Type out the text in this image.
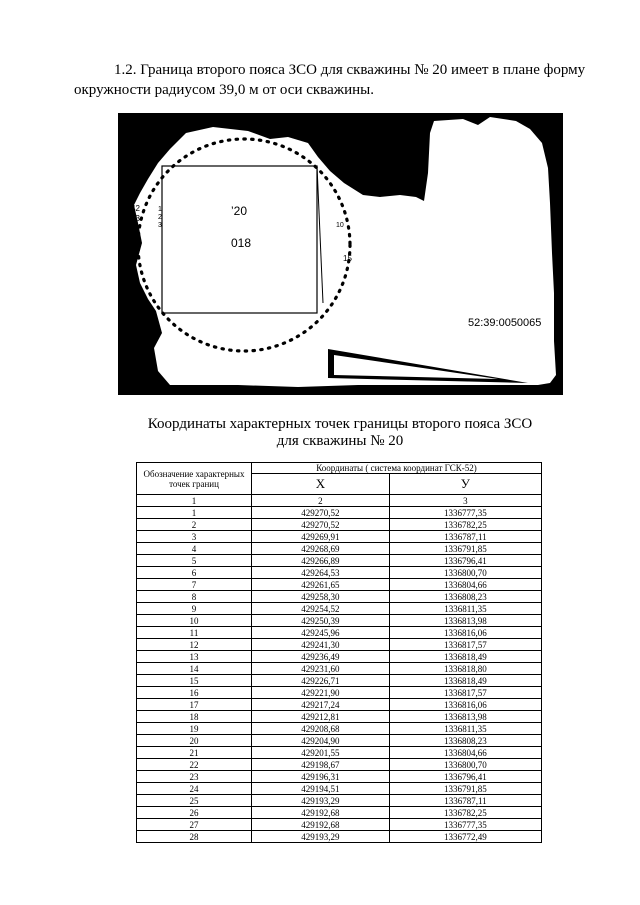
1.2. Граница второго пояса ЗСО для скважины № 20 имеет в плане форму окружности радиусом 39,0 м от оси скважины.

’20
018
15
10
42
43
41
40
1
2
3
52:39:0050065

Координаты характерных точек границы второго пояса ЗСО

для скважины № 20

Обозначение характерных точек границ	Координаты ( система координат ГСК-52)	
	X	У
1	2	3
1	429270,52	1336777,35
2	429270,52	1336782,25
3	429269,91	1336787,11
4	429268,69	1336791,85
5	429266,89	1336796,41
6	429264,53	1336800,70
7	429261,65	1336804,66
8	429258,30	1336808,23
9	429254,52	1336811,35
10	429250,39	1336813,98
11	429245,96	1336816,06
12	429241,30	1336817,57
13	429236,49	1336818,49
14	429231,60	1336818,80
15	429226,71	1336818,49
16	429221,90	1336817,57
17	429217,24	1336816,06
18	429212,81	1336813,98
19	429208,68	1336811,35
20	429204,90	1336808,23
21	429201,55	1336804,66
22	429198,67	1336800,70
23	429196,31	1336796,41
24	429194,51	1336791,85
25	429193,29	1336787,11
26	429192,68	1336782,25
27	429192,68	1336777,35
28	429193,29	1336772,49
